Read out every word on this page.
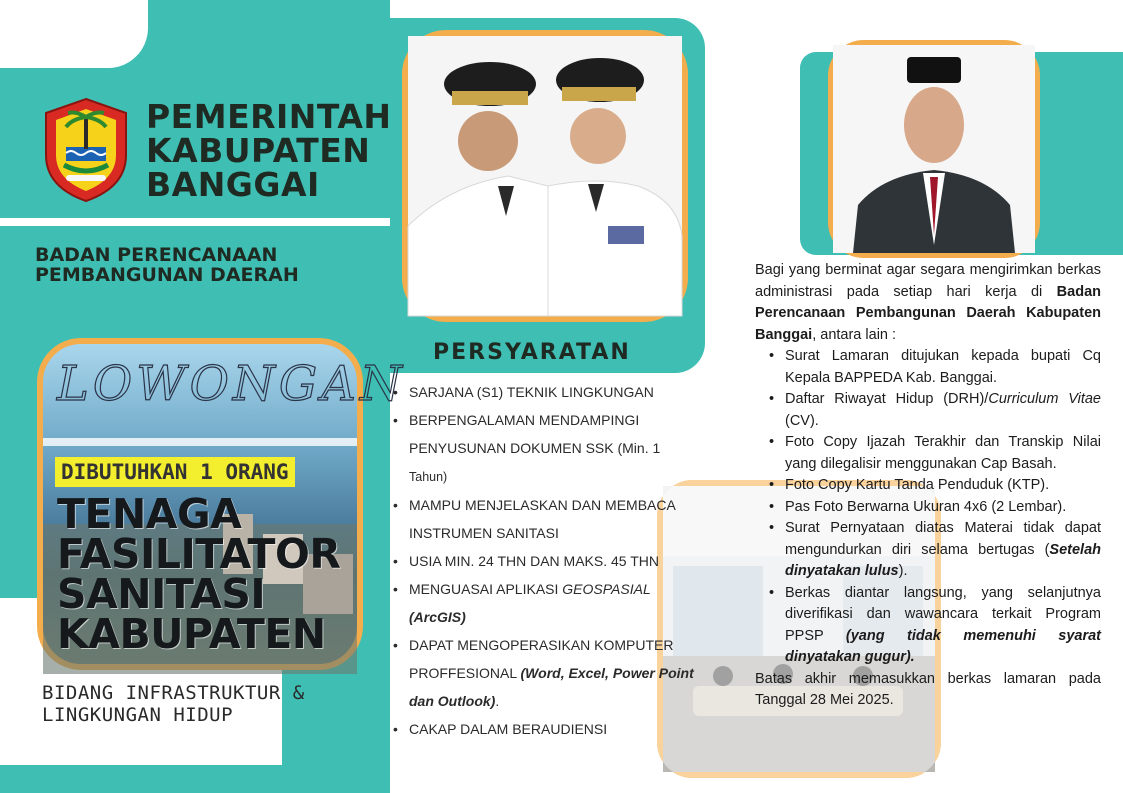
PEMERINTAH
KABUPATEN
BANGGAI
BADAN PERENCANAAN
PEMBANGUNAN DAERAH
LOWONGAN
DIBUTUHKAN 1 ORANG
TENAGA
FASILITATOR
SANITASI
KABUPATEN
BIDANG INFRASTRUKTUR &
LINGKUNGAN HIDUP
PERSYARATAN
• SARJANA (S1) TEKNIK LINGKUNGAN
• BERPENGALAMAN MENDAMPINGI
PENYUSUNAN DOKUMEN SSK (Min. 1
Tahun)
• MAMPU MENJELASKAN DAN MEMBACA
INSTRUMEN SANITASI
• USIA MIN. 24 THN DAN MAKS. 45 THN
• MENGUASAI APLIKASI GEOSPASIAL
(ArcGIS)
• DAPAT MENGOPERASIKAN KOMPUTER
PROFFESIONAL (Word, Excel, Power Point
dan Outlook).
• CAKAP DALAM BERAUDIENSI

Bagi yang berminat agar segara mengirimkan berkas administrasi pada setiap hari kerja di Badan Perencanaan Pembangunan Daerah Kabupaten Banggai, antara lain :

• Surat Lamaran ditujukan kepada bupati Cq Kepala BAPPEDA Kab. Banggai.
• Daftar Riwayat Hidup (DRH)/Curriculum Vitae (CV).
• Foto Copy Ijazah Terakhir dan Transkip Nilai yang dilegalisir menggunakan Cap Basah.
• Foto Copy Kartu Tanda Penduduk (KTP).
• Pas Foto Berwarna Ukuran 4x6 (2 Lembar).
• Surat Pernyataan diatas Materai tidak dapat mengundurkan diri selama bertugas (Setelah dinyatakan lulus).
• Berkas diantar langsung, yang selanjutnya diverifikasi dan wawancara terkait Program PPSP (yang tidak memenuhi syarat dinyatakan gugur).

Batas akhir memasukkan berkas lamaran pada Tanggal 28 Mei 2025.
